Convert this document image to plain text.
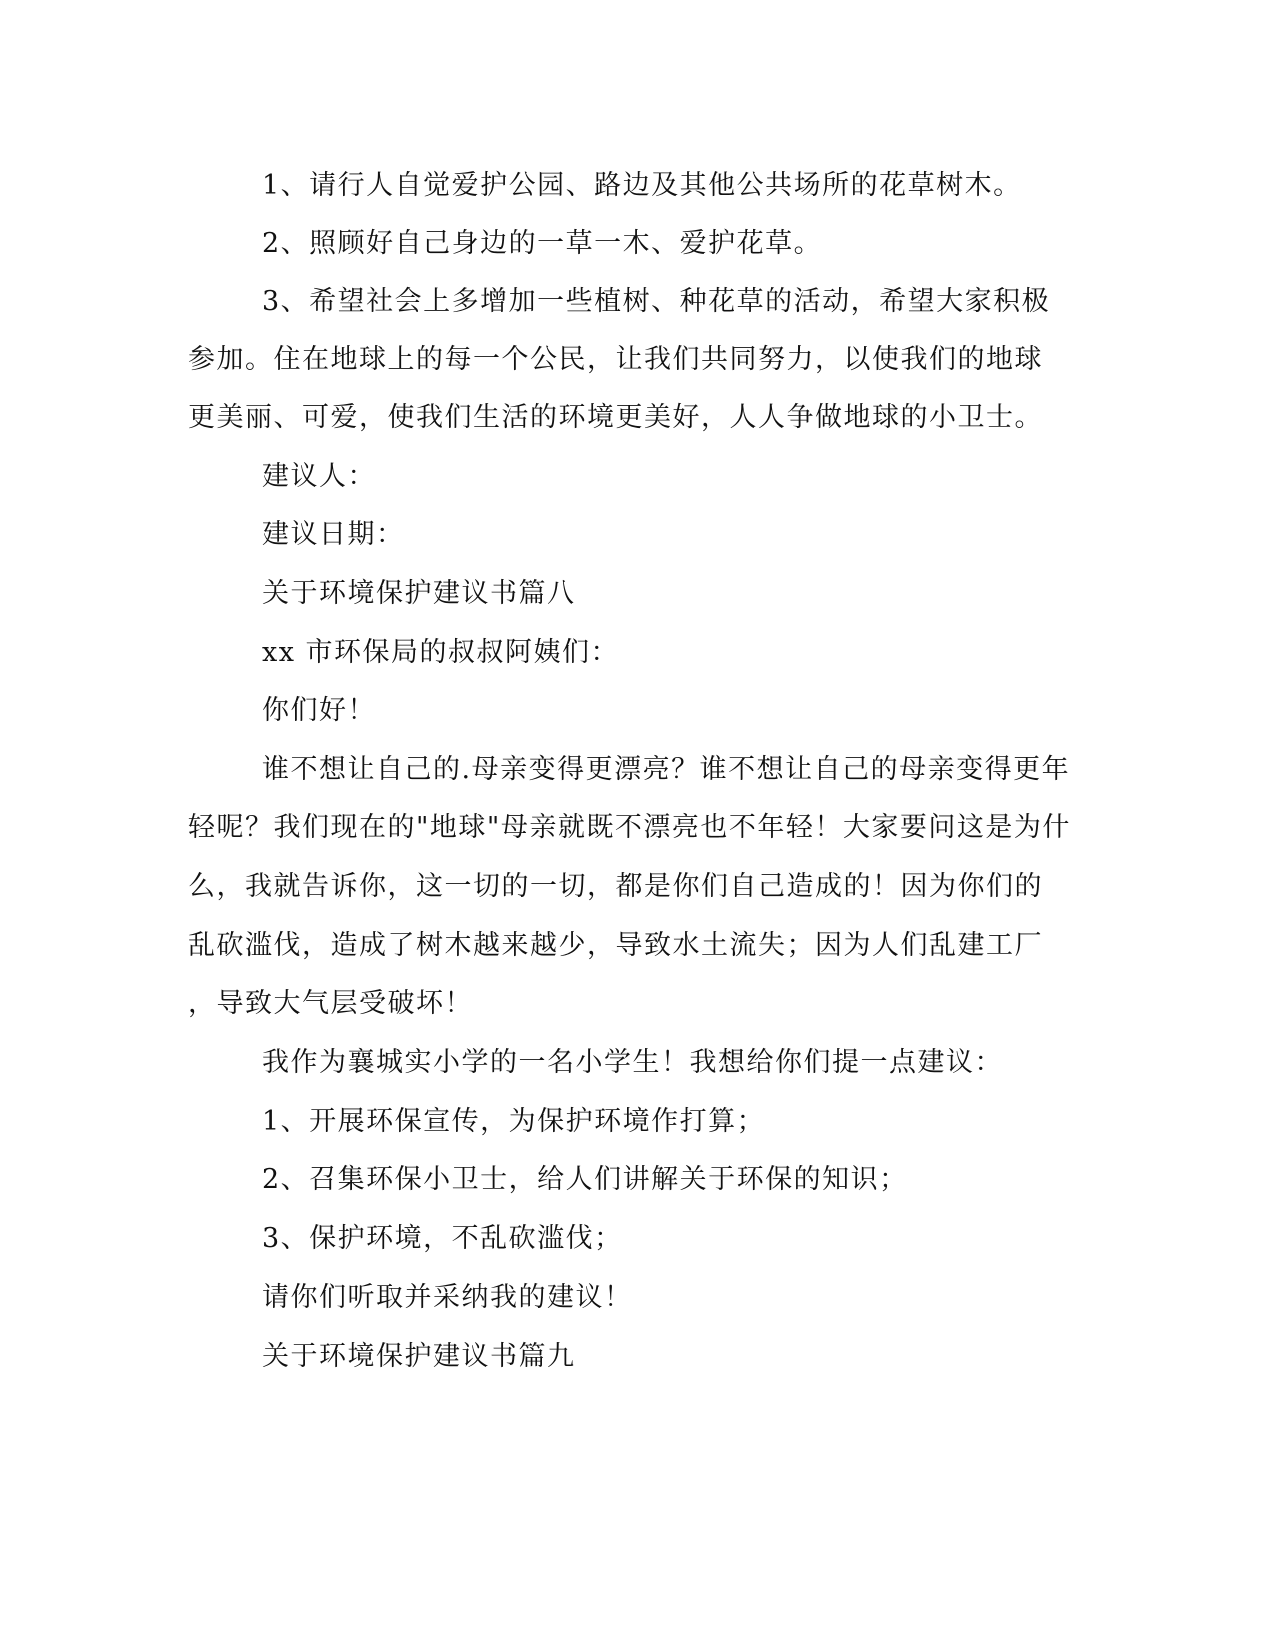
1、请行人自觉爱护公园、路边及其他公共场所的花草树木。
2、照顾好自己身边的一草一木、爱护花草。
3、希望社会上多增加一些植树、种花草的活动，希望大家积极
参加。住在地球上的每一个公民，让我们共同努力，以使我们的地球
更美丽、可爱，使我们生活的环境更美好，人人争做地球的小卫士。
建议人：
建议日期：
关于环境保护建议书篇八
xx 市环保局的叔叔阿姨们：
你们好！
谁不想让自己的.母亲变得更漂亮？谁不想让自己的母亲变得更年
轻呢？我们现在的"地球"母亲就既不漂亮也不年轻！大家要问这是为什
么，我就告诉你，这一切的一切，都是你们自己造成的！因为你们的
乱砍滥伐，造成了树木越来越少，导致水土流失；因为人们乱建工厂
，导致大气层受破坏！
我作为襄城实小学的一名小学生！我想给你们提一点建议：
1、开展环保宣传，为保护环境作打算；
2、召集环保小卫士，给人们讲解关于环保的知识；
3、保护环境，不乱砍滥伐；
请你们听取并采纳我的建议！
关于环境保护建议书篇九
